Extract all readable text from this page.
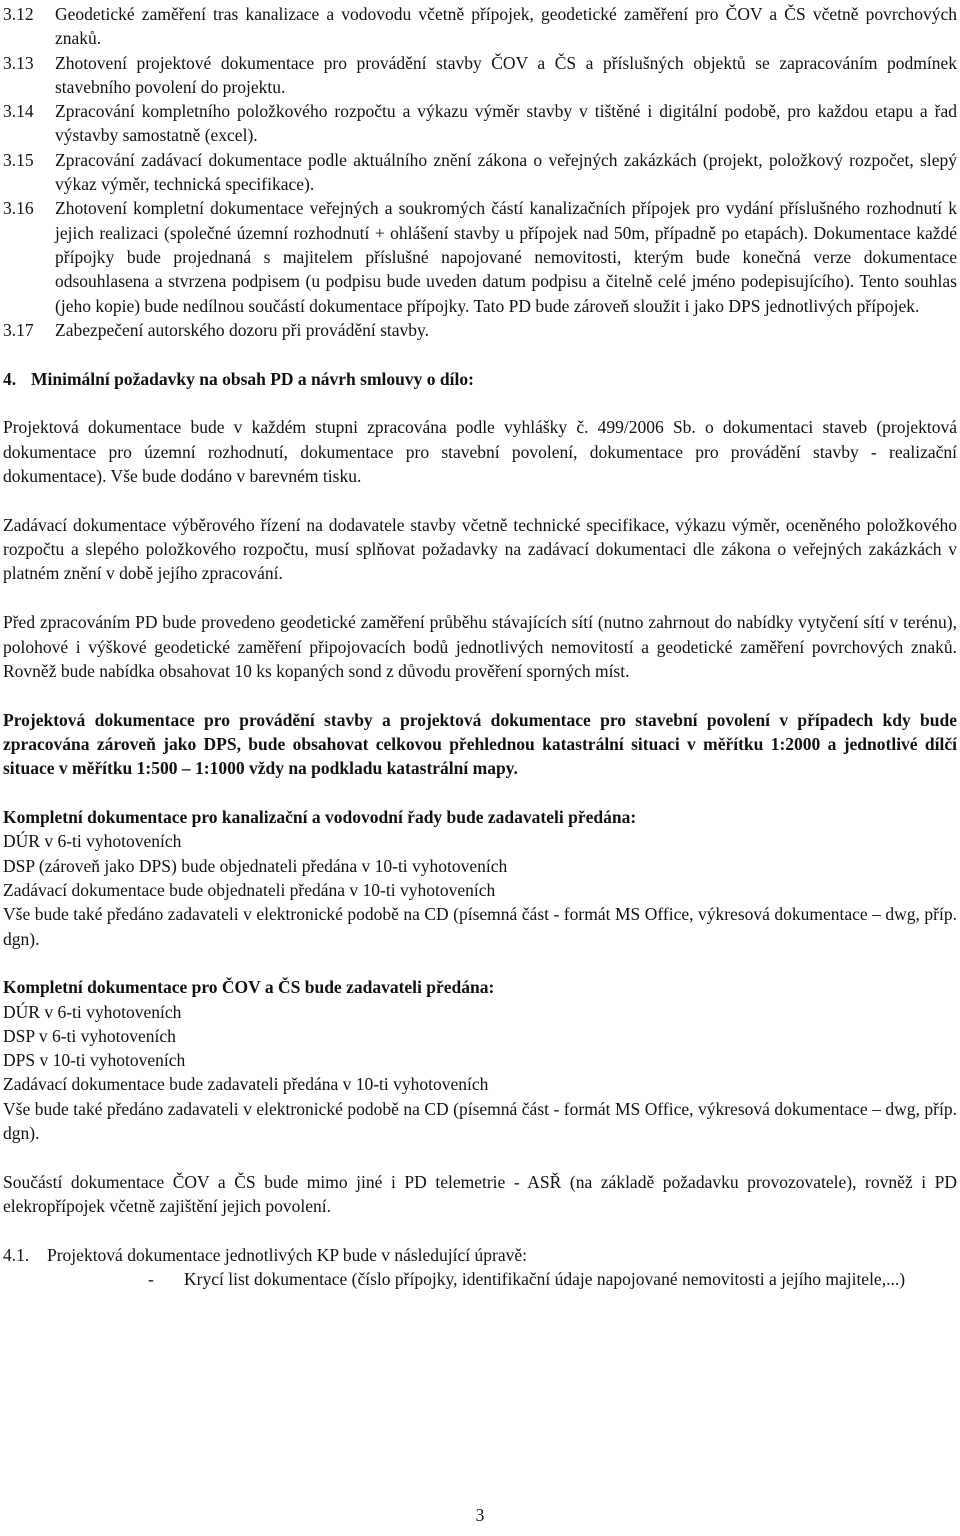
3.12	Geodetické zaměření tras kanalizace a vodovodu včetně přípojek, geodetické zaměření pro ČOV a ČS včetně povrchových znaků.
3.13	Zhotovení projektové dokumentace pro provádění stavby ČOV a ČS a příslušných objektů se zapracováním podmínek stavebního povolení do projektu.
3.14	Zpracování kompletního položkového rozpočtu a výkazu výměr stavby v tištěné i digitální podobě, pro každou etapu a řad výstavby samostatně (excel).
3.15	Zpracování zadávací dokumentace podle aktuálního znění zákona o veřejných zakázkách (projekt, položkový rozpočet, slepý výkaz výměr, technická specifikace).
3.16	Zhotovení kompletní dokumentace veřejných a soukromých částí kanalizačních přípojek pro vydání příslušného rozhodnutí k jejich realizaci (společné územní rozhodnutí + ohlášení stavby u přípojek nad 50m, případně po etapách). Dokumentace každé přípojky bude projednaná s majitelem příslušné napojované nemovitosti, kterým bude konečná verze dokumentace odsouhlasena a stvrzena podpisem (u podpisu bude uveden datum podpisu a čitelně celé jméno podepisujícího). Tento souhlas (jeho kopie) bude nedílnou součástí dokumentace přípojky. Tato PD bude zároveň sloužit i jako DPS jednotlivých přípojek.
3.17	Zabezpečení autorského dozoru při provádění stavby.
4. Minimální požadavky na obsah PD a návrh smlouvy o dílo:

Projektová dokumentace bude v každém stupni zpracována podle vyhlášky č. 499/2006 Sb. o dokumentaci staveb (projektová dokumentace pro územní rozhodnutí, dokumentace pro stavební povolení, dokumentace pro provádění stavby - realizační dokumentace). Vše bude dodáno v barevném tisku.

Zadávací dokumentace výběrového řízení na dodavatele stavby včetně technické specifikace, výkazu výměr, oceněného položkového rozpočtu a slepého položkového rozpočtu, musí splňovat požadavky na zadávací dokumentaci dle zákona o veřejných zakázkách v platném znění v době jejího zpracování.

Před zpracováním PD bude provedeno geodetické zaměření průběhu stávajících sítí (nutno zahrnout do nabídky vytyčení sítí v terénu), polohové i výškové geodetické zaměření připojovacích bodů jednotlivých nemovitostí a geodetické zaměření povrchových znaků. Rovněž bude nabídka obsahovat 10 ks kopaných sond z důvodu prověření sporných míst.

Projektová dokumentace pro provádění stavby a projektová dokumentace pro stavební povolení v případech kdy bude zpracována zároveň jako DPS, bude obsahovat celkovou přehlednou katastrální situaci v měřítku 1:2000 a jednotlivé dílčí situace v měřítku 1:500 – 1:1000 vždy na podkladu katastrální mapy.

Kompletní dokumentace pro kanalizační a vodovodní řady bude zadavateli předána:

DÚR v 6-ti vyhotoveních

DSP (zároveň jako DPS) bude objednateli předána v 10-ti vyhotoveních

Zadávací dokumentace bude objednateli předána v 10-ti vyhotoveních

Vše bude také předáno zadavateli v elektronické podobě na CD (písemná část - formát MS Office, výkresová dokumentace – dwg, příp. dgn).

Kompletní dokumentace pro ČOV a ČS bude zadavateli předána:

DÚR v 6-ti vyhotoveních

DSP v 6-ti vyhotoveních

DPS v 10-ti vyhotoveních

Zadávací dokumentace bude zadavateli předána v 10-ti vyhotoveních

Vše bude také předáno zadavateli v elektronické podobě na CD (písemná část - formát MS Office, výkresová dokumentace – dwg, příp. dgn).

Součástí dokumentace ČOV a ČS bude mimo jiné i PD telemetrie - ASŘ (na základě požadavku provozovatele), rovněž i PD elekropřípojek včetně zajištění jejich povolení.

4.1.	Projektová dokumentace jednotlivých KP bude v následující úpravě:
-	Krycí list dokumentace (číslo přípojky, identifikační údaje napojované nemovitosti a jejího majitele,...)
3
